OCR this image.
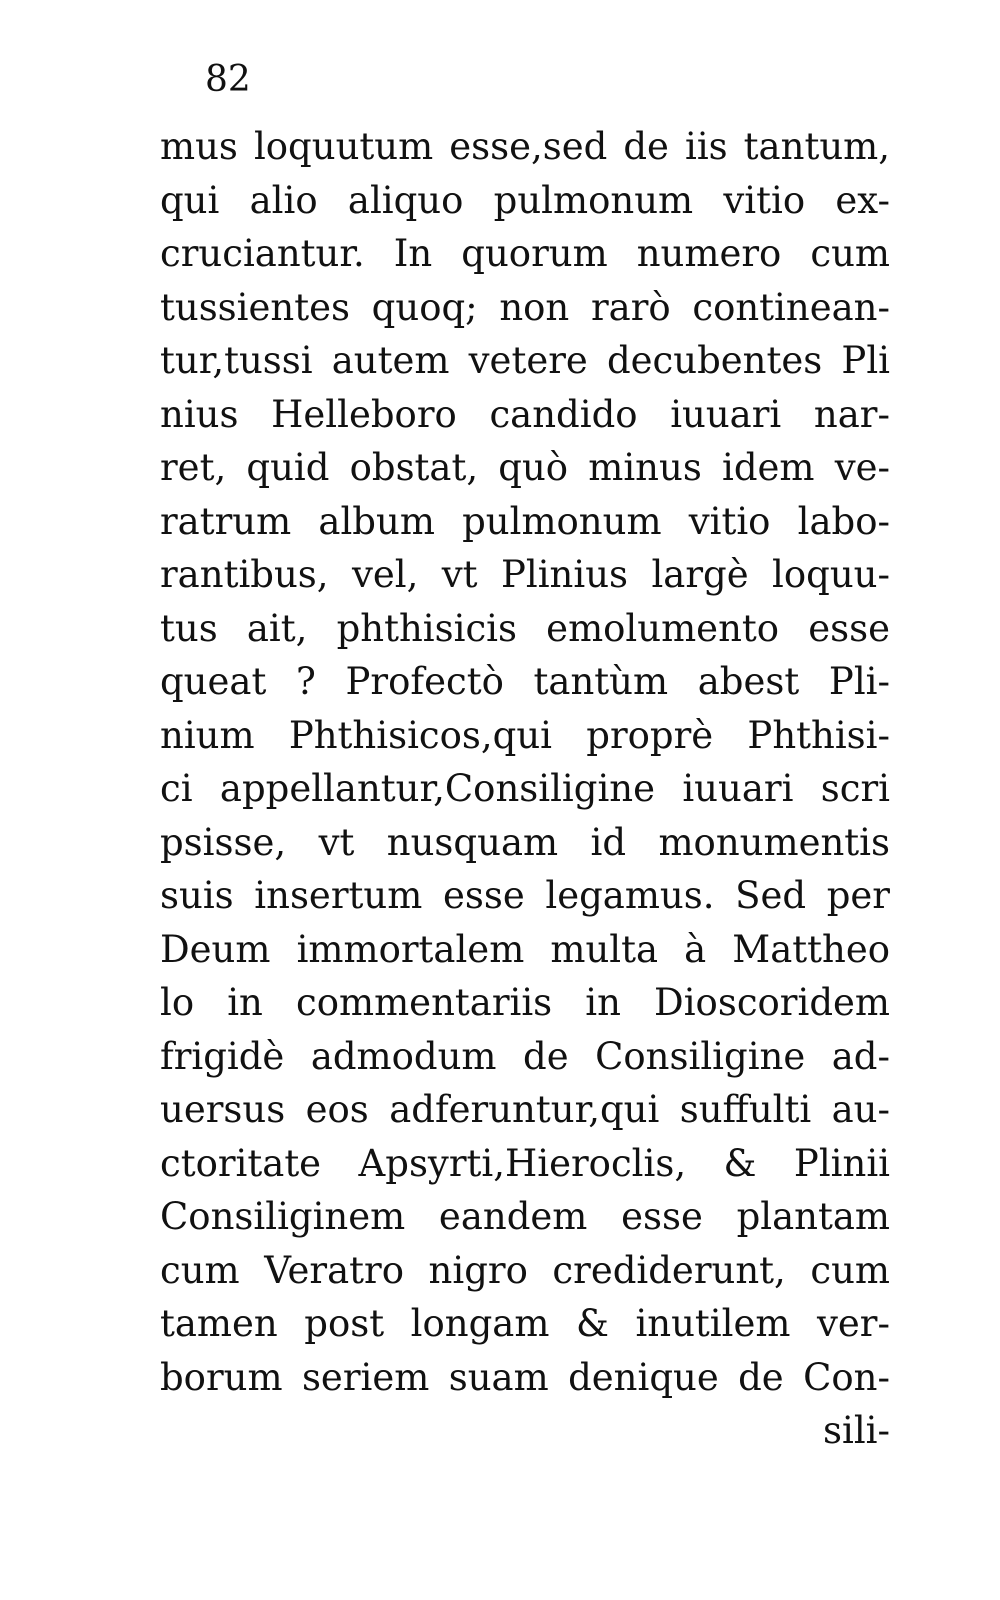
82
mus loquutum esse,sed de iis tantum,
qui alio aliquo pulmonum vitio ex-
cruciantur. In quorum numero cum
tussientes quoq; non rarò continean-
tur,tussi autem vetere decubentes Pli
nius Helleboro candido iuuari nar-
ret, quid obstat, quò minus idem ve-
ratrum album pulmonum vitio labo-
rantibus, vel, vt Plinius largè loquu-
tus ait, phthisicis emolumento esse
queat ? Profectò tantùm abest Pli-
nium Phthisicos,qui proprè Phthisi-
ci appellantur,Consiligine iuuari scri
psisse, vt nusquam id monumentis
suis insertum esse legamus. Sed per
Deum immortalem multa à Mattheo
lo in commentariis in Dioscoridem
frigidè admodum de Consiligine ad-
uersus eos adferuntur,qui suffulti au-
ctoritate Apsyrti,Hieroclis, & Plinii
Consiliginem eandem esse plantam
cum Veratro nigro crediderunt, cum
tamen post longam & inutilem ver-
borum seriem suam denique de Con-
sili-
